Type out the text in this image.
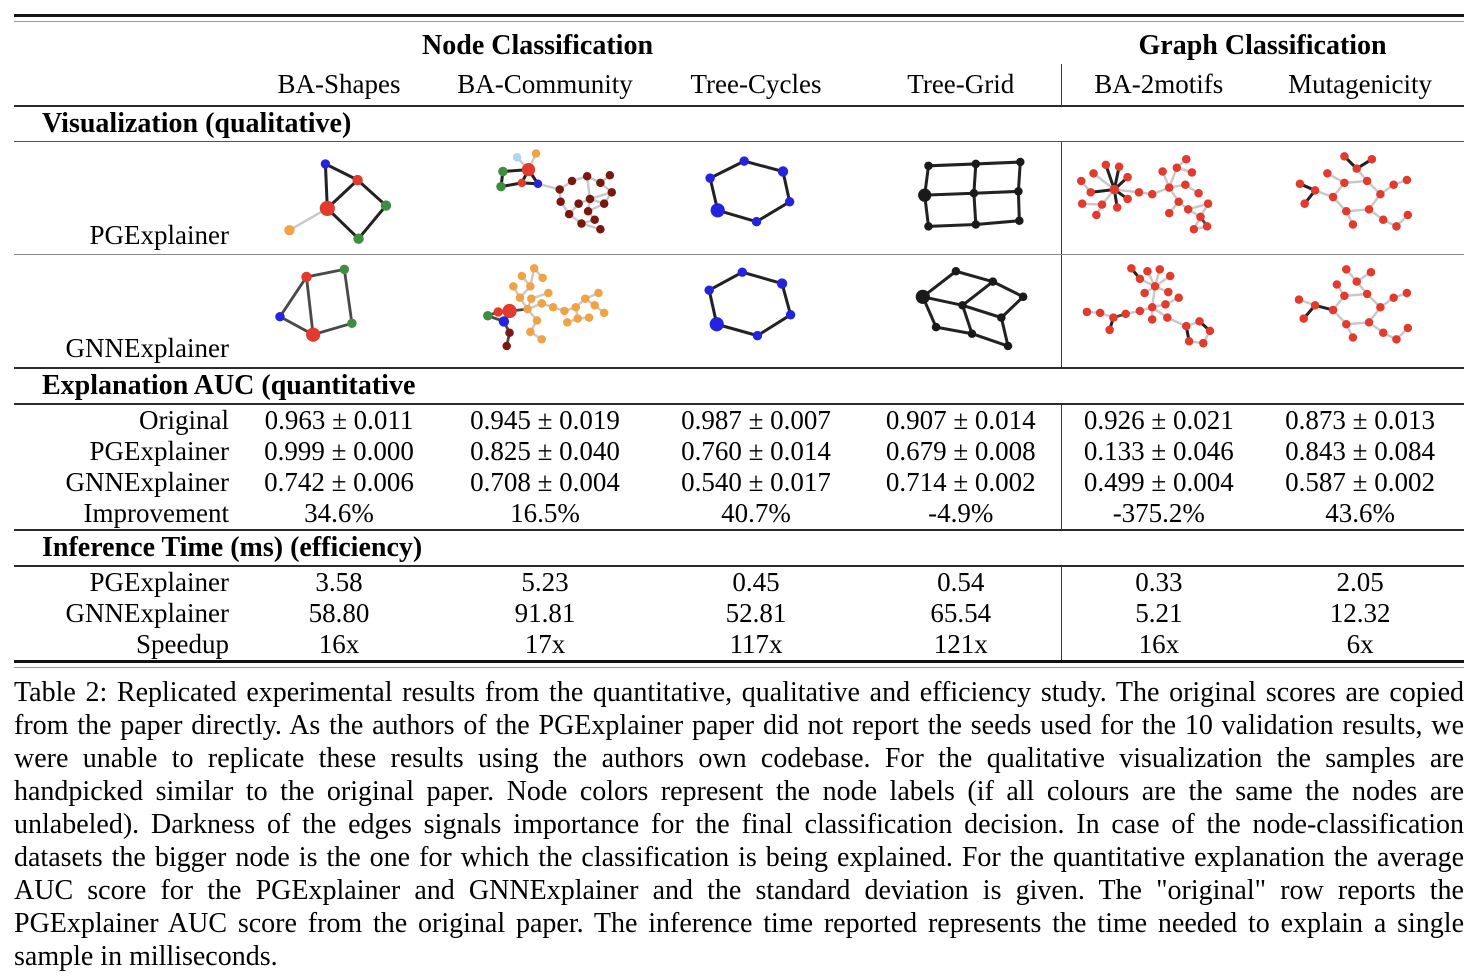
Node Classification					Graph Classification	
	BA-Shapes	BA-Community	Tree-Cycles	Tree-Grid	BA-2motifs	Mutagenicity
Visualization (qualitative)						
PGExplainer	

GNNExplainer	

Explanation AUC (quantitative						
Original	0.963 ± 0.011	0.945 ± 0.019	0.987 ± 0.007	0.907 ± 0.014	0.926 ± 0.021	0.873 ± 0.013
PGExplainer	0.999 ± 0.000	0.825 ± 0.040	0.760 ± 0.014	0.679 ± 0.008	0.133 ± 0.046	0.843 ± 0.084
GNNExplainer	0.742 ± 0.006	0.708 ± 0.004	0.540 ± 0.017	0.714 ± 0.002	0.499 ± 0.004	0.587 ± 0.002
Improvement	34.6%	16.5%	40.7%	-4.9%	-375.2%	43.6%
Inference Time (ms) (efficiency)						
PGExplainer	3.58	5.23	0.45	0.54	0.33	2.05
GNNExplainer	58.80	91.81	52.81	65.54	5.21	12.32
Speedup	16x	17x	117x	121x	16x	6x
Table 2: Replicated experimental results from the quantitative, qualitative and efficiency study. The original scores are copied from the paper directly. As the authors of the PGExplainer paper did not report the seeds used for the 10 validation results, we were unable to replicate these results using the authors own codebase. For the qualitative visualization the samples are handpicked similar to the original paper. Node colors represent the node labels (if all colours are the same the nodes are unlabeled). Darkness of the edges signals importance for the final classification decision. In case of the node-classification datasets the bigger node is the one for which the classification is being explained. For the quantitative explanation the average AUC score for the PGExplainer and GNNExplainer and the standard deviation is given. The "original" row reports the PGExplainer AUC score from the original paper. The inference time reported represents the time needed to explain a single sample in milliseconds.
